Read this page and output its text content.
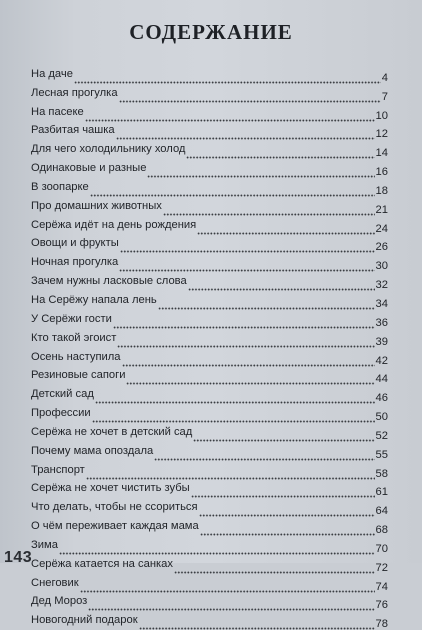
СОДЕРЖАНИЕ
На даче	4
Лесная прогулка	7
На пасеке	10
Разбитая чашка	12
Для чего холодильнику холод	14
Одинаковые и разные	16
В зоопарке	18
Про домашних животных	21
Серёжа идёт на день рождения	24
Овощи и фрукты	26
Ночная прогулка	30
Зачем нужны ласковые слова	32
На Серёжу напала лень	34
У Серёжи гости	36
Кто такой эгоист	39
Осень наступила	42
Резиновые сапоги	44
Детский сад	46
Профессии	50
Серёжа не хочет в детский сад	52
Почему мама опоздала	55
Транспорт	58
Серёжа не хочет чистить зубы	61
Что делать, чтобы не ссориться	64
О чём переживает каждая мама	68
Зима	70
Серёжа катается на санках	72
Снеговик	74
Дед Мороз	76
Новогодний подарок	78
143
